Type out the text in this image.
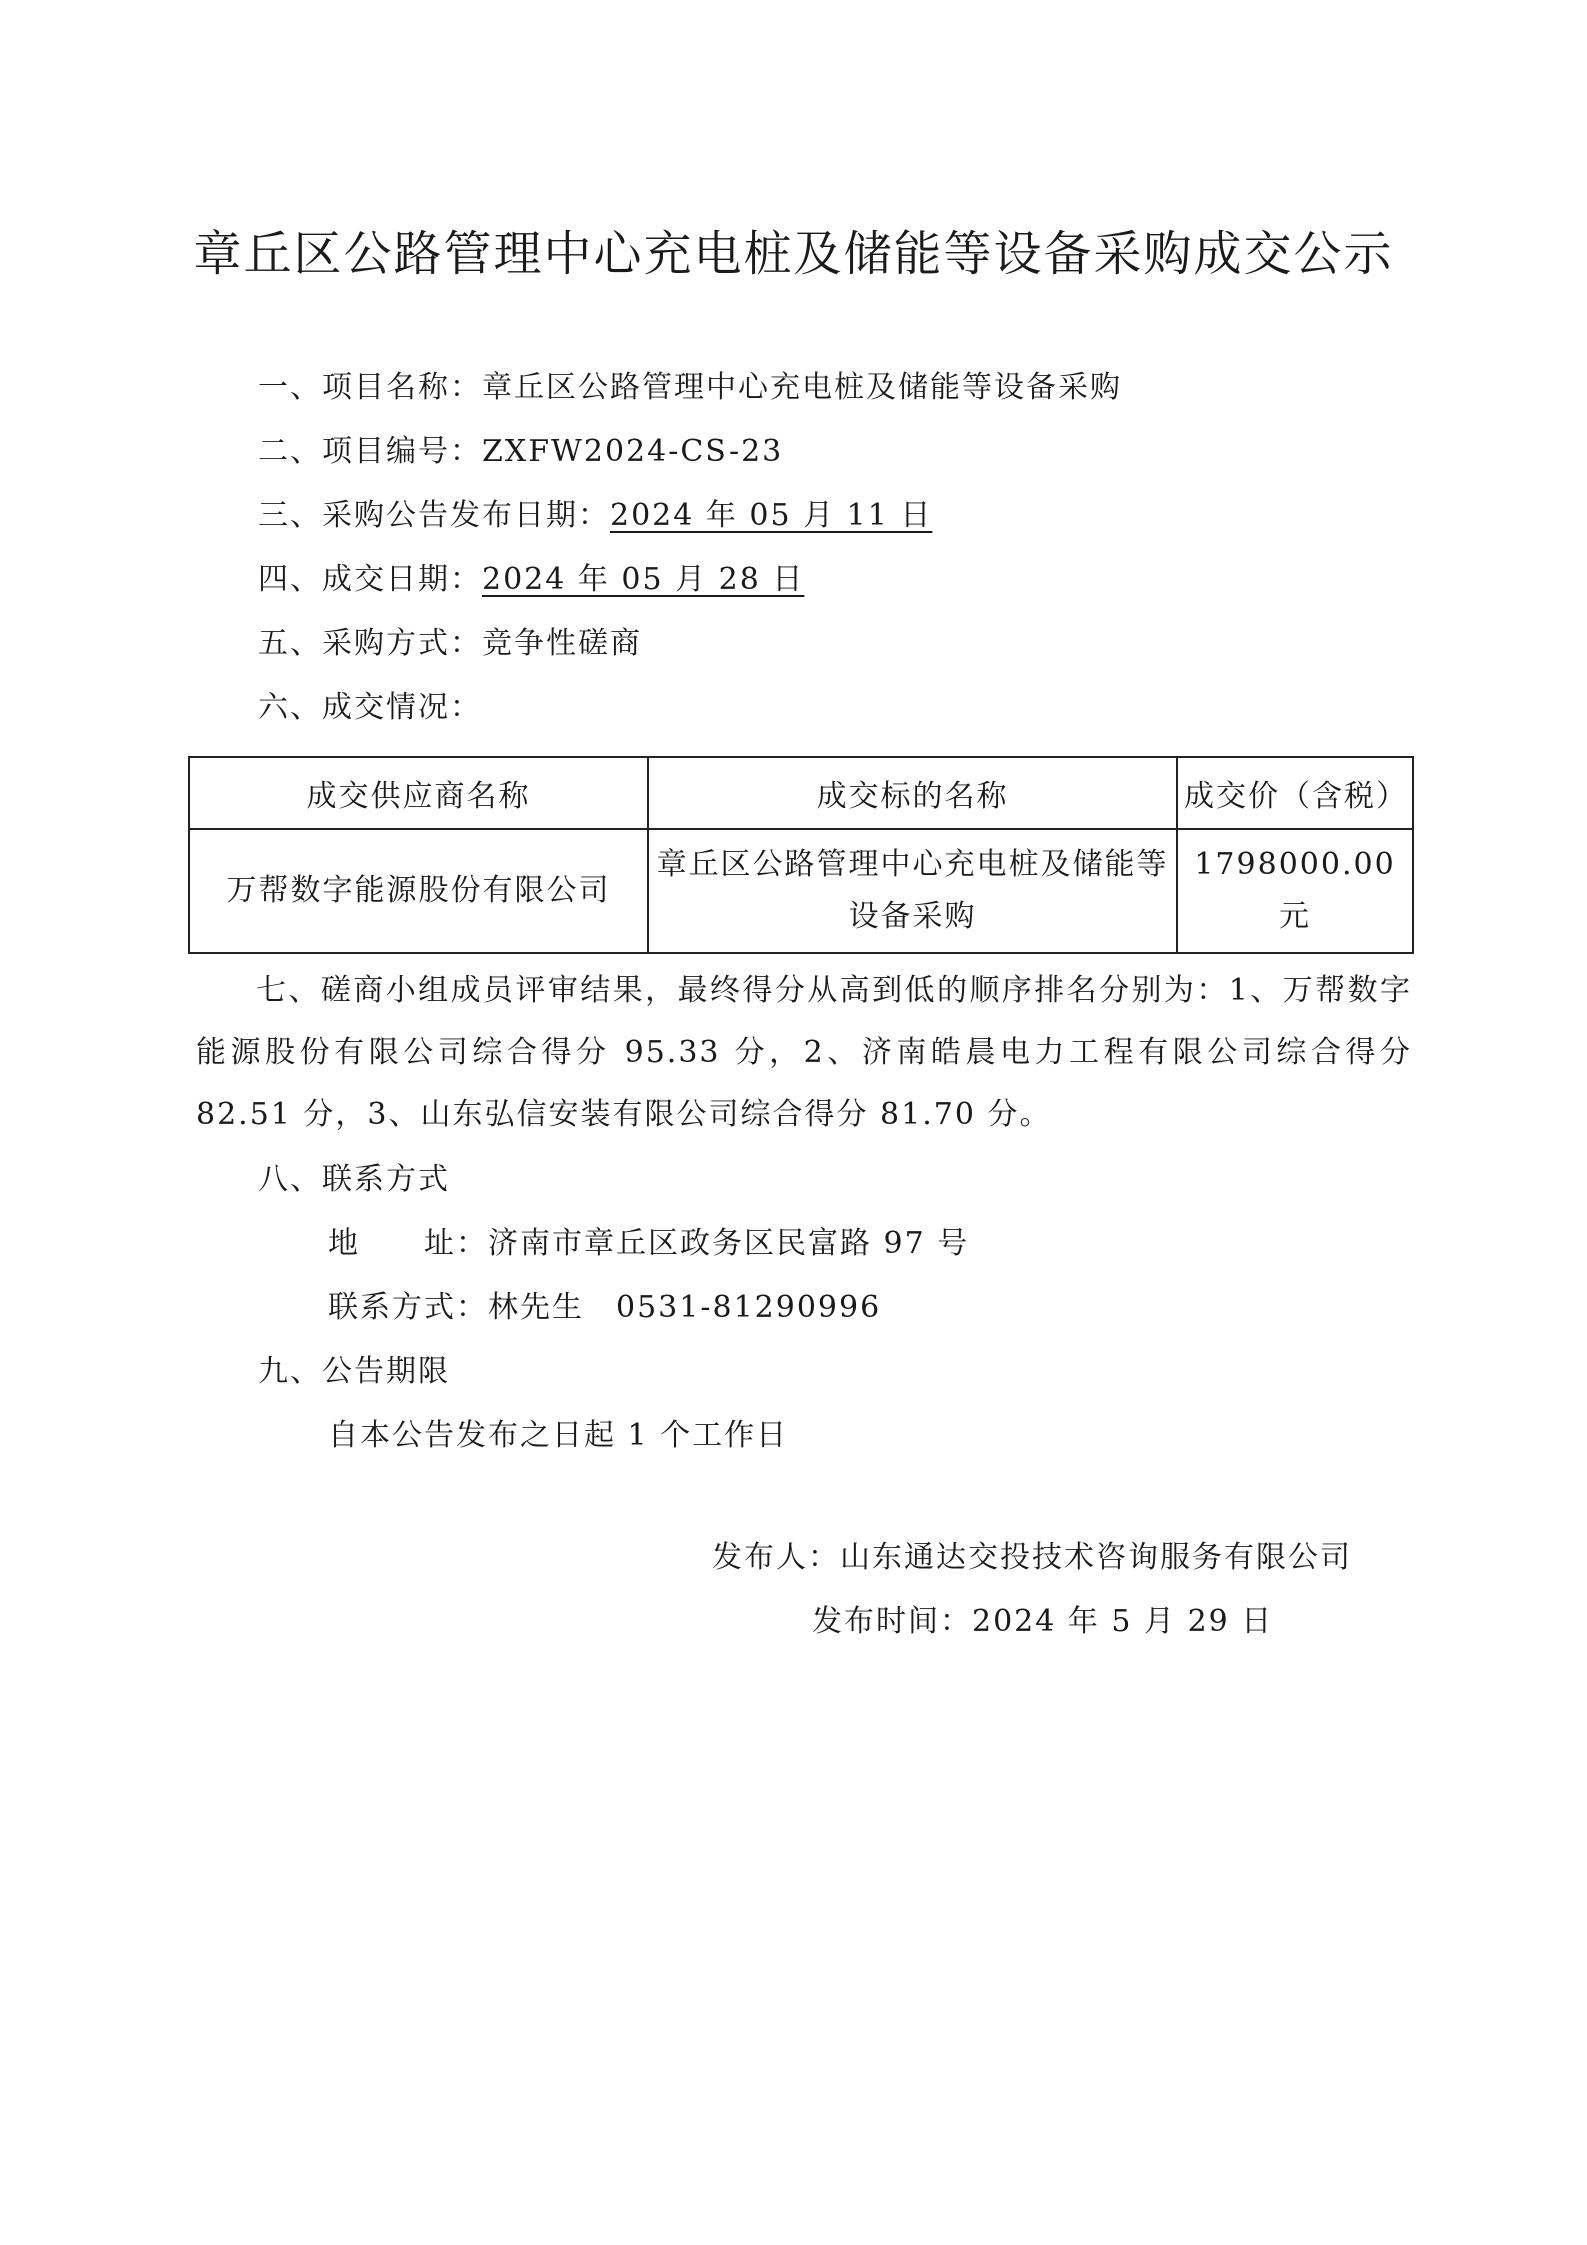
章丘区公路管理中心充电桩及储能等设备采购成交公示
一、项目名称：章丘区公路管理中心充电桩及储能等设备采购
二、项目编号：ZXFW2024-CS-23
三、采购公告发布日期：2024 年 05 月 11 日
四、成交日期：2024 年 05 月 28 日
五、采购方式：竞争性磋商
六、成交情况：
成交供应商名称	成交标的名称	成交价（含税）
万帮数字能源股份有限公司	章丘区公路管理中心充电桩及储能等设备采购	1798000.00 元
七、磋商小组成员评审结果，最终得分从高到低的顺序排名分别为：1、万帮数字能源股份有限公司综合得分 95.33 分，2、济南皓晨电力工程有限公司综合得分 82.51 分，3、山东弘信安装有限公司综合得分 81.70 分。
八、联系方式
地　　址：济南市章丘区政务区民富路 97 号
联系方式：林先生　0531-81290996
九、公告期限
自本公告发布之日起 1 个工作日
发布人：山东通达交投技术咨询服务有限公司
发布时间：2024 年 5 月 29 日
